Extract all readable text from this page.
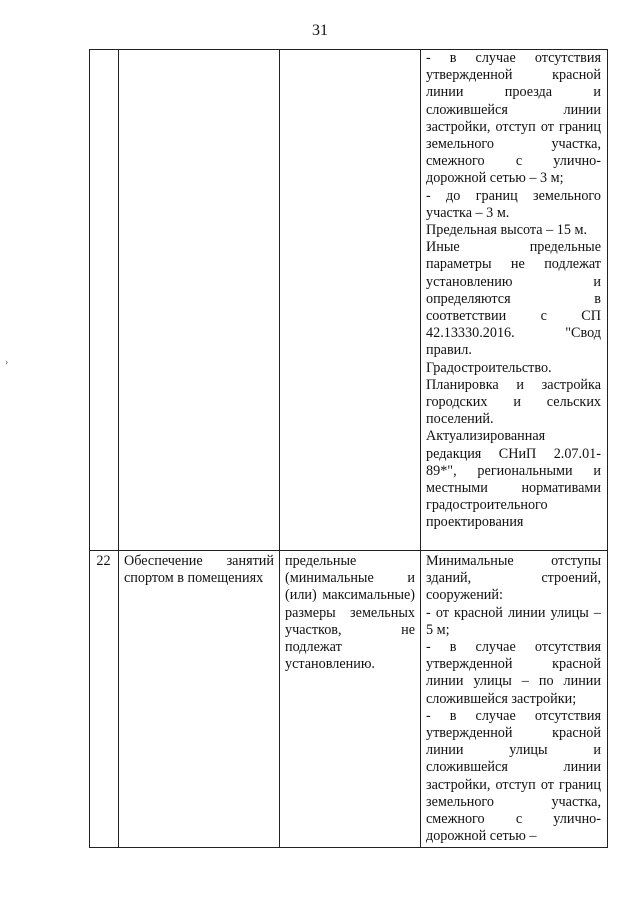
31
›

- в случае отсутствия утвержденной красной линии проезда и сложившейся линии застройки, отступ от границ земельного участка, смежного с улично-дорожной сетью – 3 м;

- до границ земельного участка – 3 м.

Предельная высота – 15 м.

Иные предельные параметры не подлежат установлению и определяются в соответствии с СП 42.13330.2016. "Свод правил. Градостроительство. Планировка и застройка городских и сельских поселений. Актуализированная редакция СНиП 2.07.01-89*", региональными и местными нормативами градостроительного проектирования

22 Обеспечение занятий спортом в помещениях
предельные (минимальные и (или) максимальные) размеры земельных участков, не подлежат установлению.

Минимальные отступы зданий, строений, сооружений:

- от красной линии улицы – 5 м;

- в случае отсутствия утвержденной красной линии улицы – по линии сложившейся застройки;

- в случае отсутствия утвержденной красной линии улицы и сложившейся линии застройки, отступ от границ земельного участка, смежного с улично-дорожной сетью –
